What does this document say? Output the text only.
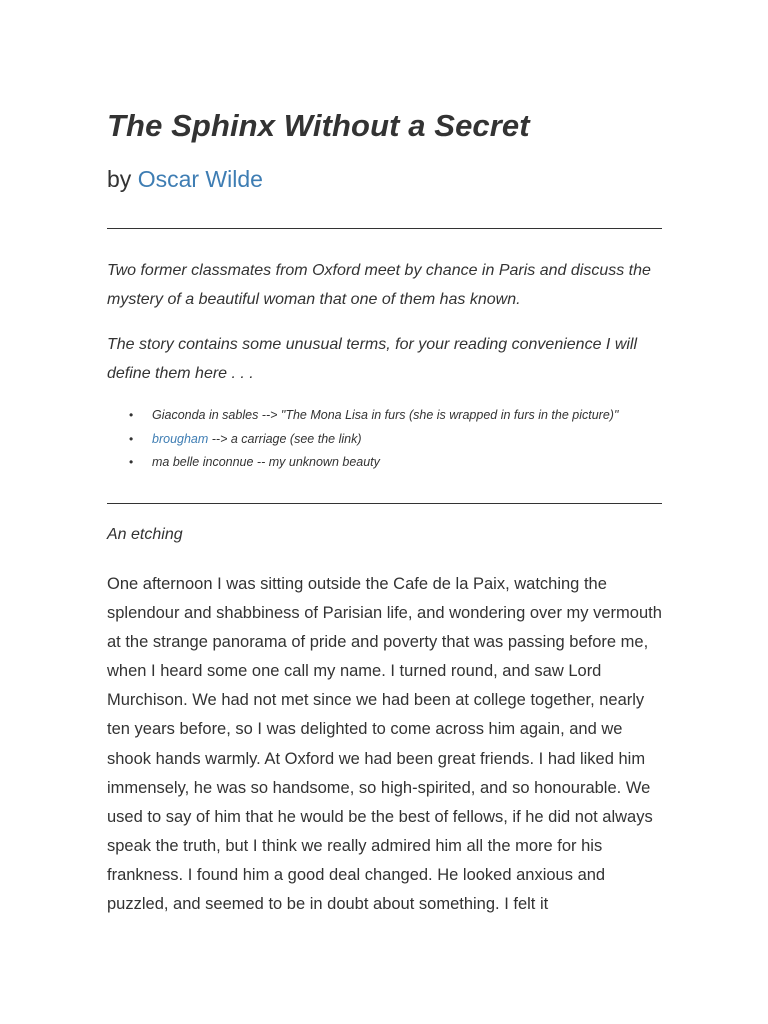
The Sphinx Without a Secret
by Oscar Wilde

Two former classmates from Oxford meet by chance in Paris and discuss the mystery of a beautiful woman that one of them has known.

The story contains some unusual terms, for your reading convenience I will define them here . . .

• Giaconda in sables --> "The Mona Lisa in furs (she is wrapped in furs in the picture)"
• brougham --> a carriage (see the link)
• ma belle inconnue -- my unknown beauty
An etching

One afternoon I was sitting outside the Cafe de la Paix, watching the splendour and shabbiness of Parisian life, and wondering over my vermouth at the strange panorama of pride and poverty that was passing before me, when I heard some one call my name. I turned round, and saw Lord Murchison. We had not met since we had been at college together, nearly ten years before, so I was delighted to come across him again, and we shook hands warmly. At Oxford we had been great friends. I had liked him immensely, he was so handsome, so high-spirited, and so honourable. We used to say of him that he would be the best of fellows, if he did not always speak the truth, but I think we really admired him all the more for his frankness. I found him a good deal changed. He looked anxious and puzzled, and seemed to be in doubt about something. I felt it
